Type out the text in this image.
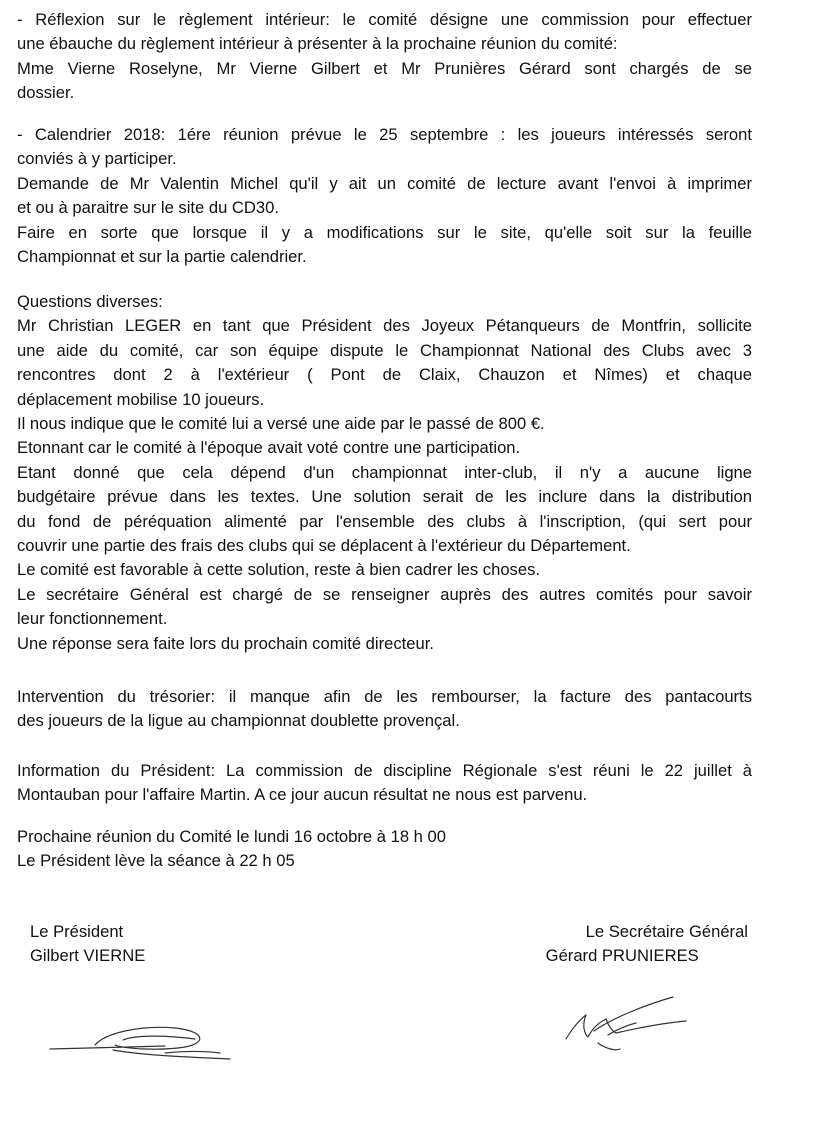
- Réflexion sur le règlement intérieur: le comité désigne une commission pour effectuer
une ébauche du règlement intérieur à présenter à la prochaine réunion du comité:
Mme Vierne Roselyne, Mr Vierne Gilbert et Mr Prunières Gérard sont chargés de se
dossier.
- Calendrier 2018: 1ére réunion prévue le 25 septembre : les joueurs intéressés seront
conviés à y participer.
Demande de Mr Valentin Michel qu'il y ait un comité de lecture avant l'envoi à imprimer
et ou à paraitre sur le site du CD30.
Faire en sorte que lorsque il y a modifications sur le site, qu'elle soit sur la feuille
Championnat et sur la partie calendrier.
Questions diverses:
Mr Christian LEGER en tant que Président des Joyeux Pétanqueurs de Montfrin, sollicite
une aide du comité, car son équipe dispute le Championnat National des Clubs avec 3
rencontres dont 2 à l'extérieur ( Pont de Claix, Chauzon et Nîmes) et chaque
déplacement mobilise 10 joueurs.
Il nous indique que le comité lui a versé une aide par le passé de 800 €.
Etonnant car le comité à l'époque avait voté contre une participation.
Etant donné que cela dépend d'un championnat inter-club, il n'y a aucune ligne
budgétaire prévue dans les textes. Une solution serait de les inclure dans la distribution
du fond de péréquation alimenté par l'ensemble des clubs à l'inscription, (qui sert pour
couvrir une partie des frais des clubs qui se déplacent à l'extérieur du Département.
Le comité est favorable à cette solution, reste à bien cadrer les choses.
Le secrétaire Général est chargé de se renseigner auprès des autres comités pour savoir
leur fonctionnement.
Une réponse sera faite lors du prochain comité directeur.
Intervention du trésorier: il manque afin de les rembourser, la facture des pantacourts
des joueurs de la ligue au championnat doublette provençal.
Information du Président: La commission de discipline Régionale s'est réuni le 22 juillet à
Montauban pour l'affaire Martin. A ce jour aucun résultat ne nous est parvenu.
Prochaine réunion du Comité le lundi 16 octobre à 18 h 00
Le Président lève la séance à 22 h 05
Le Président
Gilbert VIERNE
Le Secrétaire Général
Gérard PRUNIERES
